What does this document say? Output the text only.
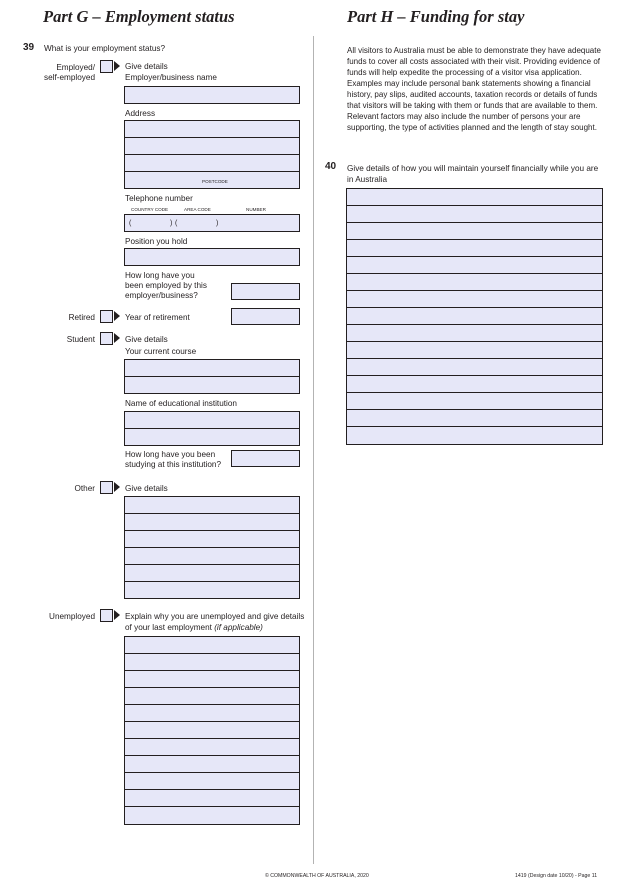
Part G – Employment status	Part H – Funding for stay
39 What is your employment status?
Employed/
self-employed
Give details
Employer/business name
Address
POSTCODE
Telephone number
COUNTRY CODE	AREA CODE	NUMBER
(	) (	)
Position you hold
How long have you
been employed by this
employer/business?
Retired	Year of retirement
Student	Give details
Your current course
Name of educational institution
How long have you been
studying at this institution?
Other	Give details
Unemployed	Explain why you are unemployed and give details
of your last employment (if applicable)
All visitors to Australia must be able to demonstrate they have adequate
funds to cover all costs associated with their visit. Providing evidence of
funds will help expedite the processing of a visitor visa application.
Examples may include personal bank statements showing a financial
history, pay slips, audited accounts, taxation records or details of funds
that visitors will be taking with them or funds that are available to them.
Relevant factors may also include the number of persons your are
supporting, the type of activities planned and the length of stay sought.
40 Give details of how you will maintain yourself financially while you are
in Australia
© COMMONWEALTH OF AUSTRALIA, 2020	1419 (Design date 10/20) - Page 11
